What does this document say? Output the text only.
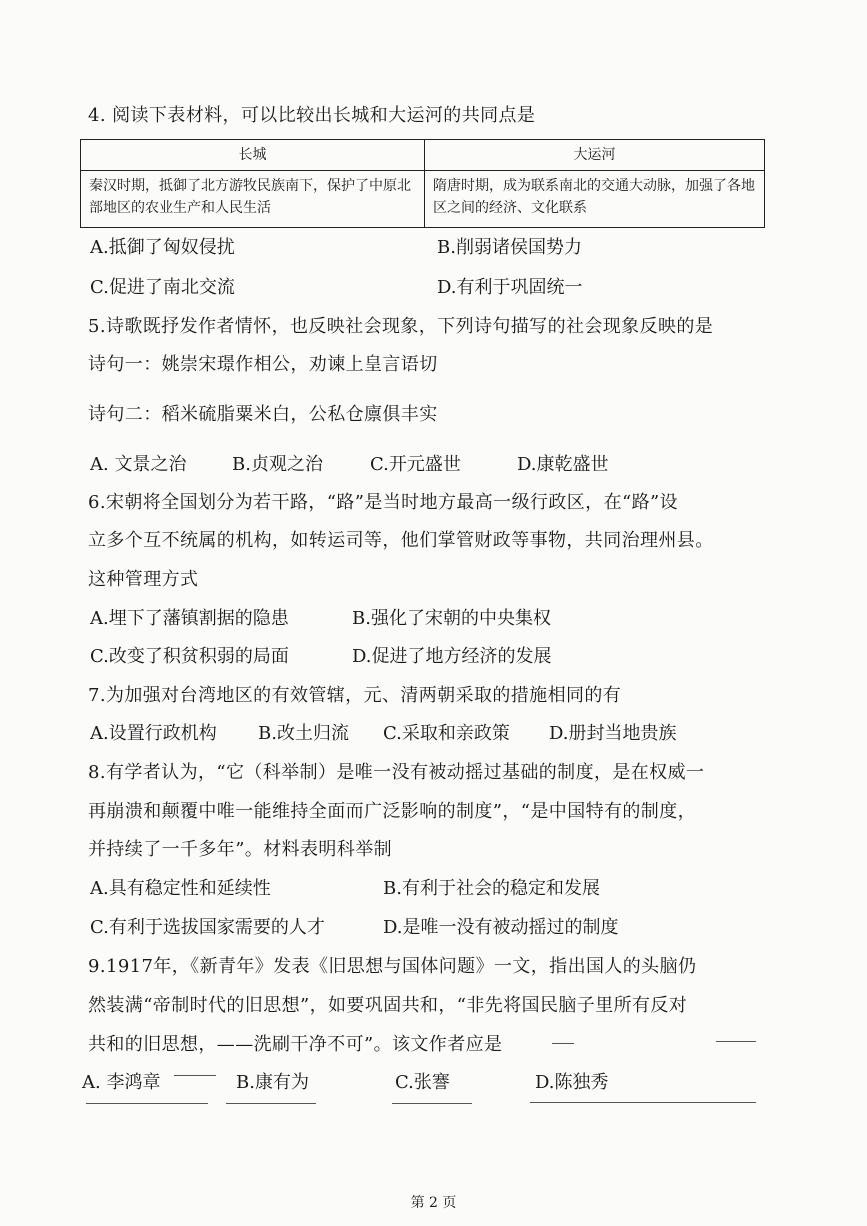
4. 阅读下表材料，可以比较出长城和大运河的共同点是
长城	大运河
秦汉时期，抵御了北方游牧民族南下，保护了中原北部地区的农业生产和人民生活	隋唐时期，成为联系南北的交通大动脉，加强了各地区之间的经济、文化联系
A.抵御了匈奴侵扰	B.削弱诸侯国势力
C.促进了南北交流	D.有利于巩固统一
5.诗歌既抒发作者情怀，也反映社会现象，下列诗句描写的社会现象反映的是
诗句一：姚崇宋璟作相公，劝谏上皇言语切
诗句二：稻米硫脂粟米白，公私仓廪俱丰实
A. 文景之治	B.贞观之治	C.开元盛世	D.康乾盛世
6.宋朝将全国划分为若干路，“路”是当时地方最高一级行政区，在“路”设
立多个互不统属的机构，如转运司等，他们掌管财政等事物，共同治理州县。
这种管理方式
A.埋下了藩镇割据的隐患	B.强化了宋朝的中央集权
C.改变了积贫积弱的局面	D.促进了地方经济的发展
7.为加强对台湾地区的有效管辖，元、清两朝采取的措施相同的有
A.设置行政机构 B.改土归流 C.采取和亲政策 D.册封当地贵族
8.有学者认为，“它（科举制）是唯一没有被动摇过基础的制度，是在权威一
再崩溃和颠覆中唯一能维持全面而广泛影响的制度”，“是中国特有的制度，
并持续了一千多年”。材料表明科举制
A.具有稳定性和延续性	B.有利于社会的稳定和发展
C.有利于选拔国家需要的人才	D.是唯一没有被动摇过的制度
9.1917年，《新青年》发表《旧思想与国体问题》一文，指出国人的头脑仍
然装满“帝制时代的旧思想”，如要巩固共和，“非先将国民脑子里所有反对
共和的旧思想，——洗刷干净不可”。该文作者应是
A. 李鸿章	B.康有为	C.张謇	D.陈独秀
第 2 页
